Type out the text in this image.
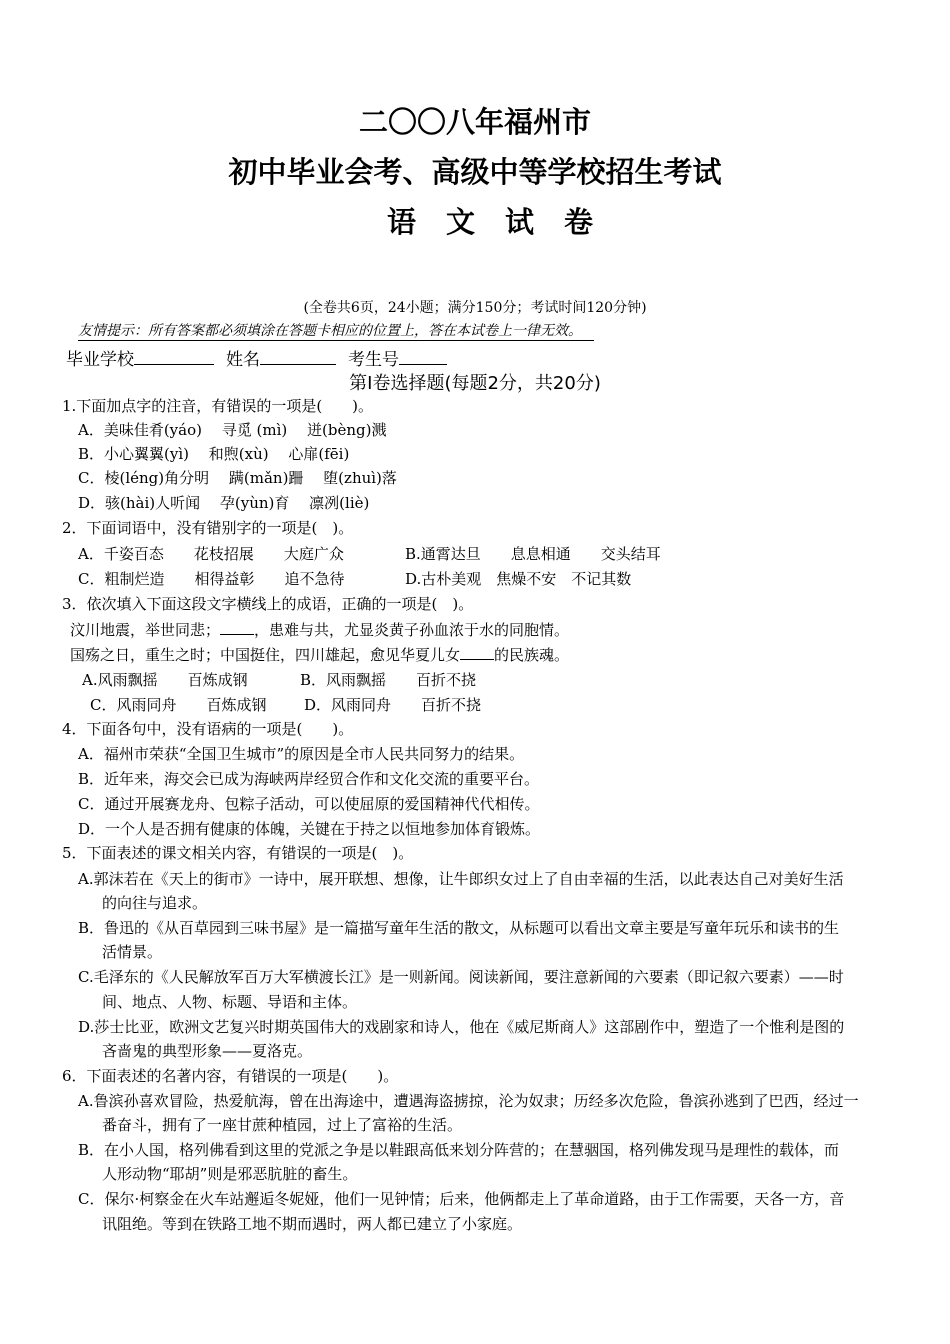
二〇〇八年福州市
初中毕业会考、高级中等学校招生考试
语文试卷
(全卷共6页，24小题；满分150分；考试时间120分钟)
友情提示：所有答案都必须填涂在答题卡相应的位置上，答在本试卷上一律无效。
毕业学校	姓名	考生号
第Ⅰ卷选择题(每题2分，共20分)
1.下面加点字的注音，有错误的一项是(　　)。
A．美味佳肴(yáo)　 寻觅 (mì)　 迸(bèng)溅
B．小心翼翼(yì)　 和煦(xù)　 心扉(fēi)
C．棱(léng)角分明　 蹒(mǎn)跚　 堕(zhuì)落
D．骇(hài)人听闻　 孕(yùn)育　 凛冽(liè)
2．下面词语中，没有错别字的一项是(　)。
A．千姿百态　　花枝招展　　大庭广众	B.通霄达旦　　息息相通　　交头结耳
C．粗制烂造　　相得益彰　　追不急待	D.古朴美观　焦燥不安　不记其数
3．依次填入下面这段文字横线上的成语，正确的一项是(　)。
汶川地震，举世同悲； ，患难与共，尤显炎黄子孙血浓于水的同胞情。
国殇之日，重生之时；中国挺住，四川雄起，愈见华夏儿女 的民族魂。
A.风雨飘摇　　百炼成钢	B．风雨飘摇　　百折不挠
C．风雨同舟　　百炼成钢	D．风雨同舟　　百折不挠
4．下面各句中，没有语病的一项是(　　)。
A．福州市荣获“全国卫生城市”的原因是全市人民共同努力的结果。
B．近年来，海交会已成为海峡两岸经贸合作和文化交流的重要平台。
C．通过开展赛龙舟、包粽子活动，可以使屈原的爱国精神代代相传。
D．一个人是否拥有健康的体魄，关键在于持之以恒地参加体育锻炼。
5．下面表述的课文相关内容，有错误的一项是(　)。
A.郭沫若在《天上的街市》一诗中，展开联想、想像，让牛郎织女过上了自由幸福的生活，以此表达自己对美好生活
的向往与追求。
B．鲁迅的《从百草园到三味书屋》是一篇描写童年生活的散文，从标题可以看出文章主要是写童年玩乐和读书的生
活情景。
C.毛泽东的《人民解放军百万大军横渡长江》是一则新闻。阅读新闻，要注意新闻的六要素（即记叙六要素）——时
间、地点、人物、标题、导语和主体。
D.莎士比亚，欧洲文艺复兴时期英国伟大的戏剧家和诗人，他在《威尼斯商人》这部剧作中，塑造了一个惟利是图的
吝啬鬼的典型形象——夏洛克。
6．下面表述的名著内容，有错误的一项是(　　)。
A.鲁滨孙喜欢冒险，热爱航海，曾在出海途中，遭遇海盗掳掠，沦为奴隶；历经多次危险，鲁滨孙逃到了巴西，经过一
番奋斗，拥有了一座甘蔗种植园，过上了富裕的生活。
B．在小人国，格列佛看到这里的党派之争是以鞋跟高低来划分阵营的；在慧骃国，格列佛发现马是理性的载体，而
人形动物“耶胡”则是邪恶肮脏的畜生。
C．保尔·柯察金在火车站邂逅冬妮娅，他们一见钟情；后来，他俩都走上了革命道路，由于工作需要，天各一方，音
讯阻绝。等到在铁路工地不期而遇时，两人都已建立了小家庭。
